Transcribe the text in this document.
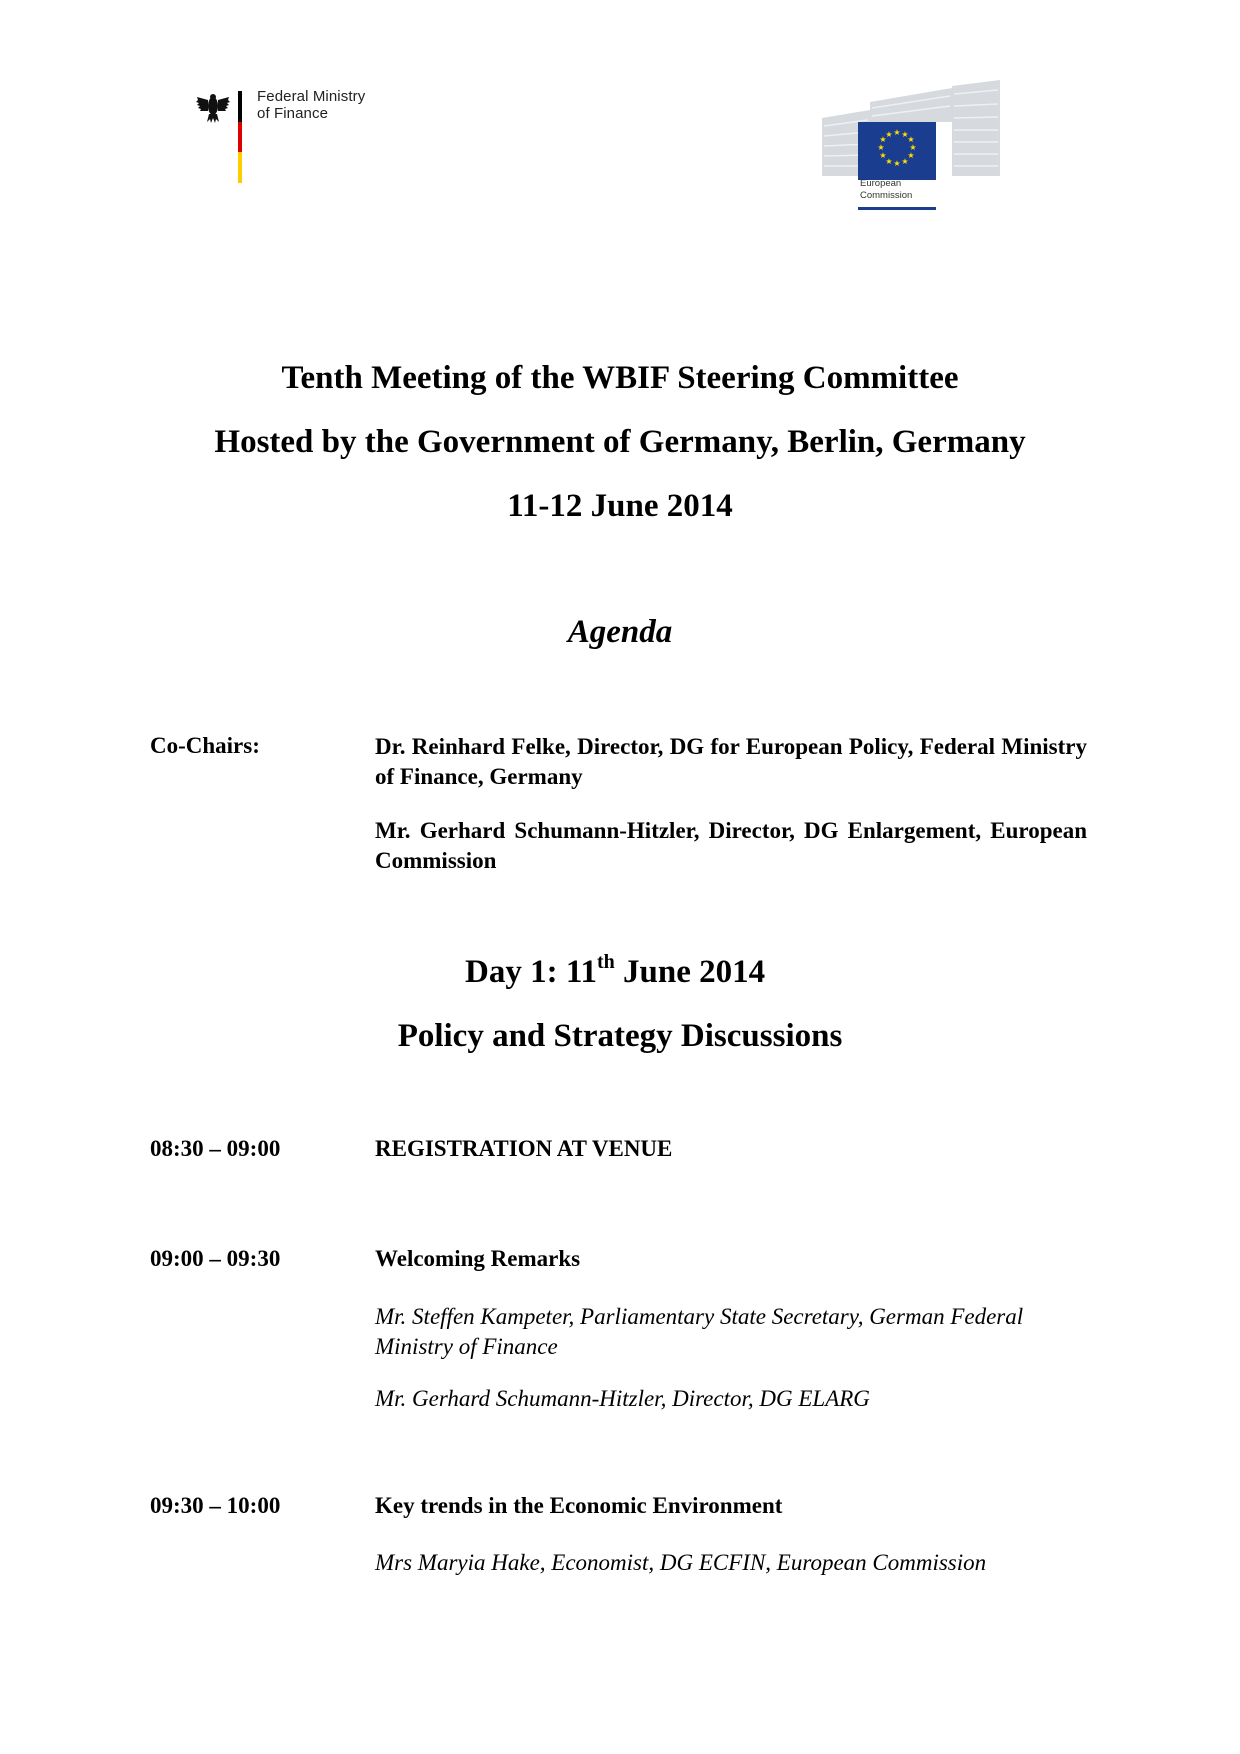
Federal Ministry
of Finance
★ ★
★
★
★
★
★
★
★
★
★
★
European
Commission
Tenth Meeting of the WBIF Steering Committee
Hosted by the Government of Germany, Berlin, Germany
11-12 June 2014
Agenda
Co-Chairs:	Dr. Reinhard Felke, Director, DG for European Policy, Federal Ministry of Finance, Germany
Mr. Gerhard Schumann-Hitzler, Director, DG Enlargement, European Commission
Day 1: 11th June 2014
Policy and Strategy Discussions
08:30 – 09:00	REGISTRATION AT VENUE
09:00 – 09:30	Welcoming Remarks
Mr. Steffen Kampeter, Parliamentary State Secretary, German Federal Ministry of Finance
Mr. Gerhard Schumann-Hitzler, Director, DG ELARG
09:30 – 10:00	Key trends in the Economic Environment
Mrs Maryia Hake, Economist, DG ECFIN, European Commission
